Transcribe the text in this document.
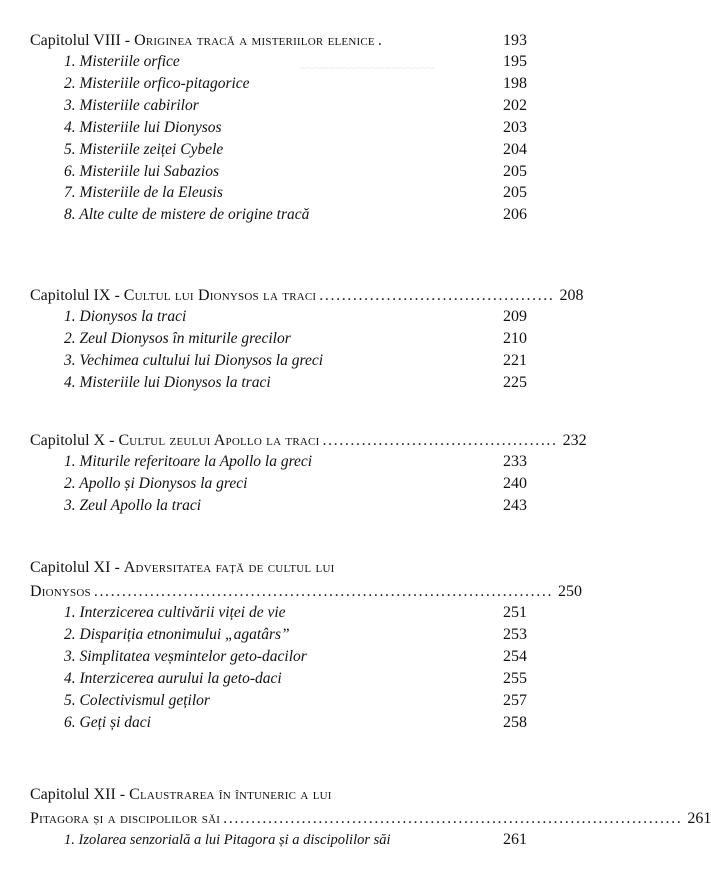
~~~~~~~~~~~~~~~~~~~
Capitolul VIII - Originea tracă a misteriilor elenice .	193
1. Misteriile orfice	195
2. Misteriile orfico-pitagorice	198
3. Misteriile cabirilor	202
4. Misteriile lui Dionysos	203
5. Misteriile zeiței Cybele	204
6. Misteriile lui Sabazios	205
7. Misteriile de la Eleusis	205
8. Alte culte de mistere de origine tracă	206
Capitolul IX - Cultul lui Dionysos la traci .......................................... 208
1. Dionysos la traci	209
2. Zeul Dionysos în miturile grecilor	210
3. Vechimea cultului lui Dionysos la greci	221
4. Misteriile lui Dionysos la traci	225
Capitolul X - Cultul zeului Apollo la traci .......................................... 232
1. Miturile referitoare la Apollo la greci	233
2. Apollo și Dionysos la greci	240
3. Zeul Apollo la traci	243
Capitolul XI - Adversitatea față de cultul lui
Dionysos .................................................................................. 250
1. Interzicerea cultivării viței de vie	251
2. Dispariția etnonimului „agatârs”	253
3. Simplitatea veșmintelor geto-dacilor	254
4. Interzicerea aurului la geto-daci	255
5. Colectivismul geților	257
6. Geți și daci	258
Capitolul XII - Claustrarea în întuneric a lui
Pitagora și a discipolilor săi .................................................................................. 261
1. Izolarea senzorială a lui Pitagora și a discipolilor săi	261
